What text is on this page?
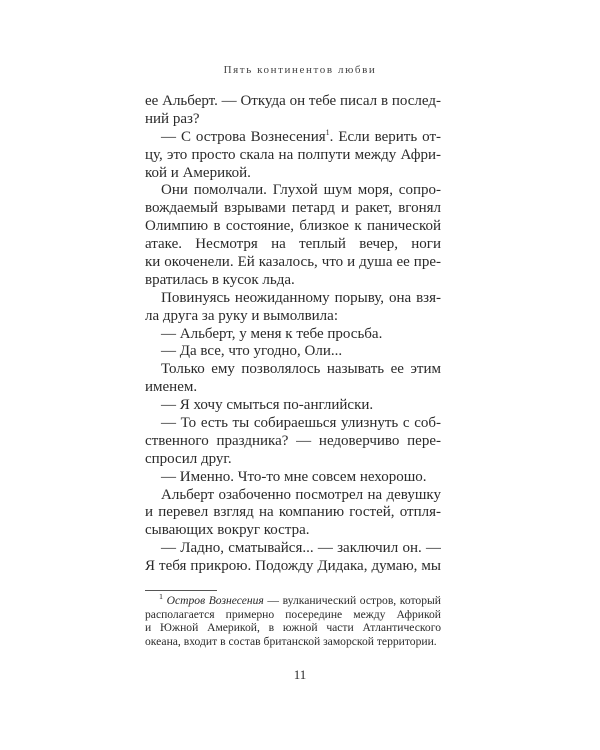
Пять континентов любви
ее Альберт. — Откуда он тебе писал в послед-
ний раз?
— С острова Вознесения$^1$. Если верить от-
цу, это просто скала на полпути между Афри-
кой и Америкой.
Они помолчали. Глухой шум моря, сопро-
вождаемый взрывами петард и ракет, вгонял
Олимпию в состояние, близкое к панической
атаке. Несмотря на теплый вечер, ноги
ки окоченели. Ей казалось, что и душа ее пре-
вратилась в кусок льда.
Повинуясь неожиданному порыву, она взя-
ла друга за руку и вымолвила:
— Альберт, у меня к тебе просьба.
— Да все, что угодно, Оли...
Только ему позволялось называть ее этим
именем.
— Я хочу смыться по-английски.
— То есть ты собираешься улизнуть с соб-
ственного праздника? — недоверчиво пере-
спросил друг.
— Именно. Что-то мне совсем нехорошо.
Альберт озабоченно посмотрел на девушку
и перевел взгляд на компанию гостей, отпля-
сывающих вокруг костра.
— Ладно, сматывайся... — заключил он. —
Я тебя прикрою. Подожду Дидака, думаю, мы
$^1$ Остров Вознесения — вулканический остров, который
располагается примерно посередине между Африкой
и Южной Америкой, в южной части Атлантического
океана, входит в состав британской заморской территории.
11
